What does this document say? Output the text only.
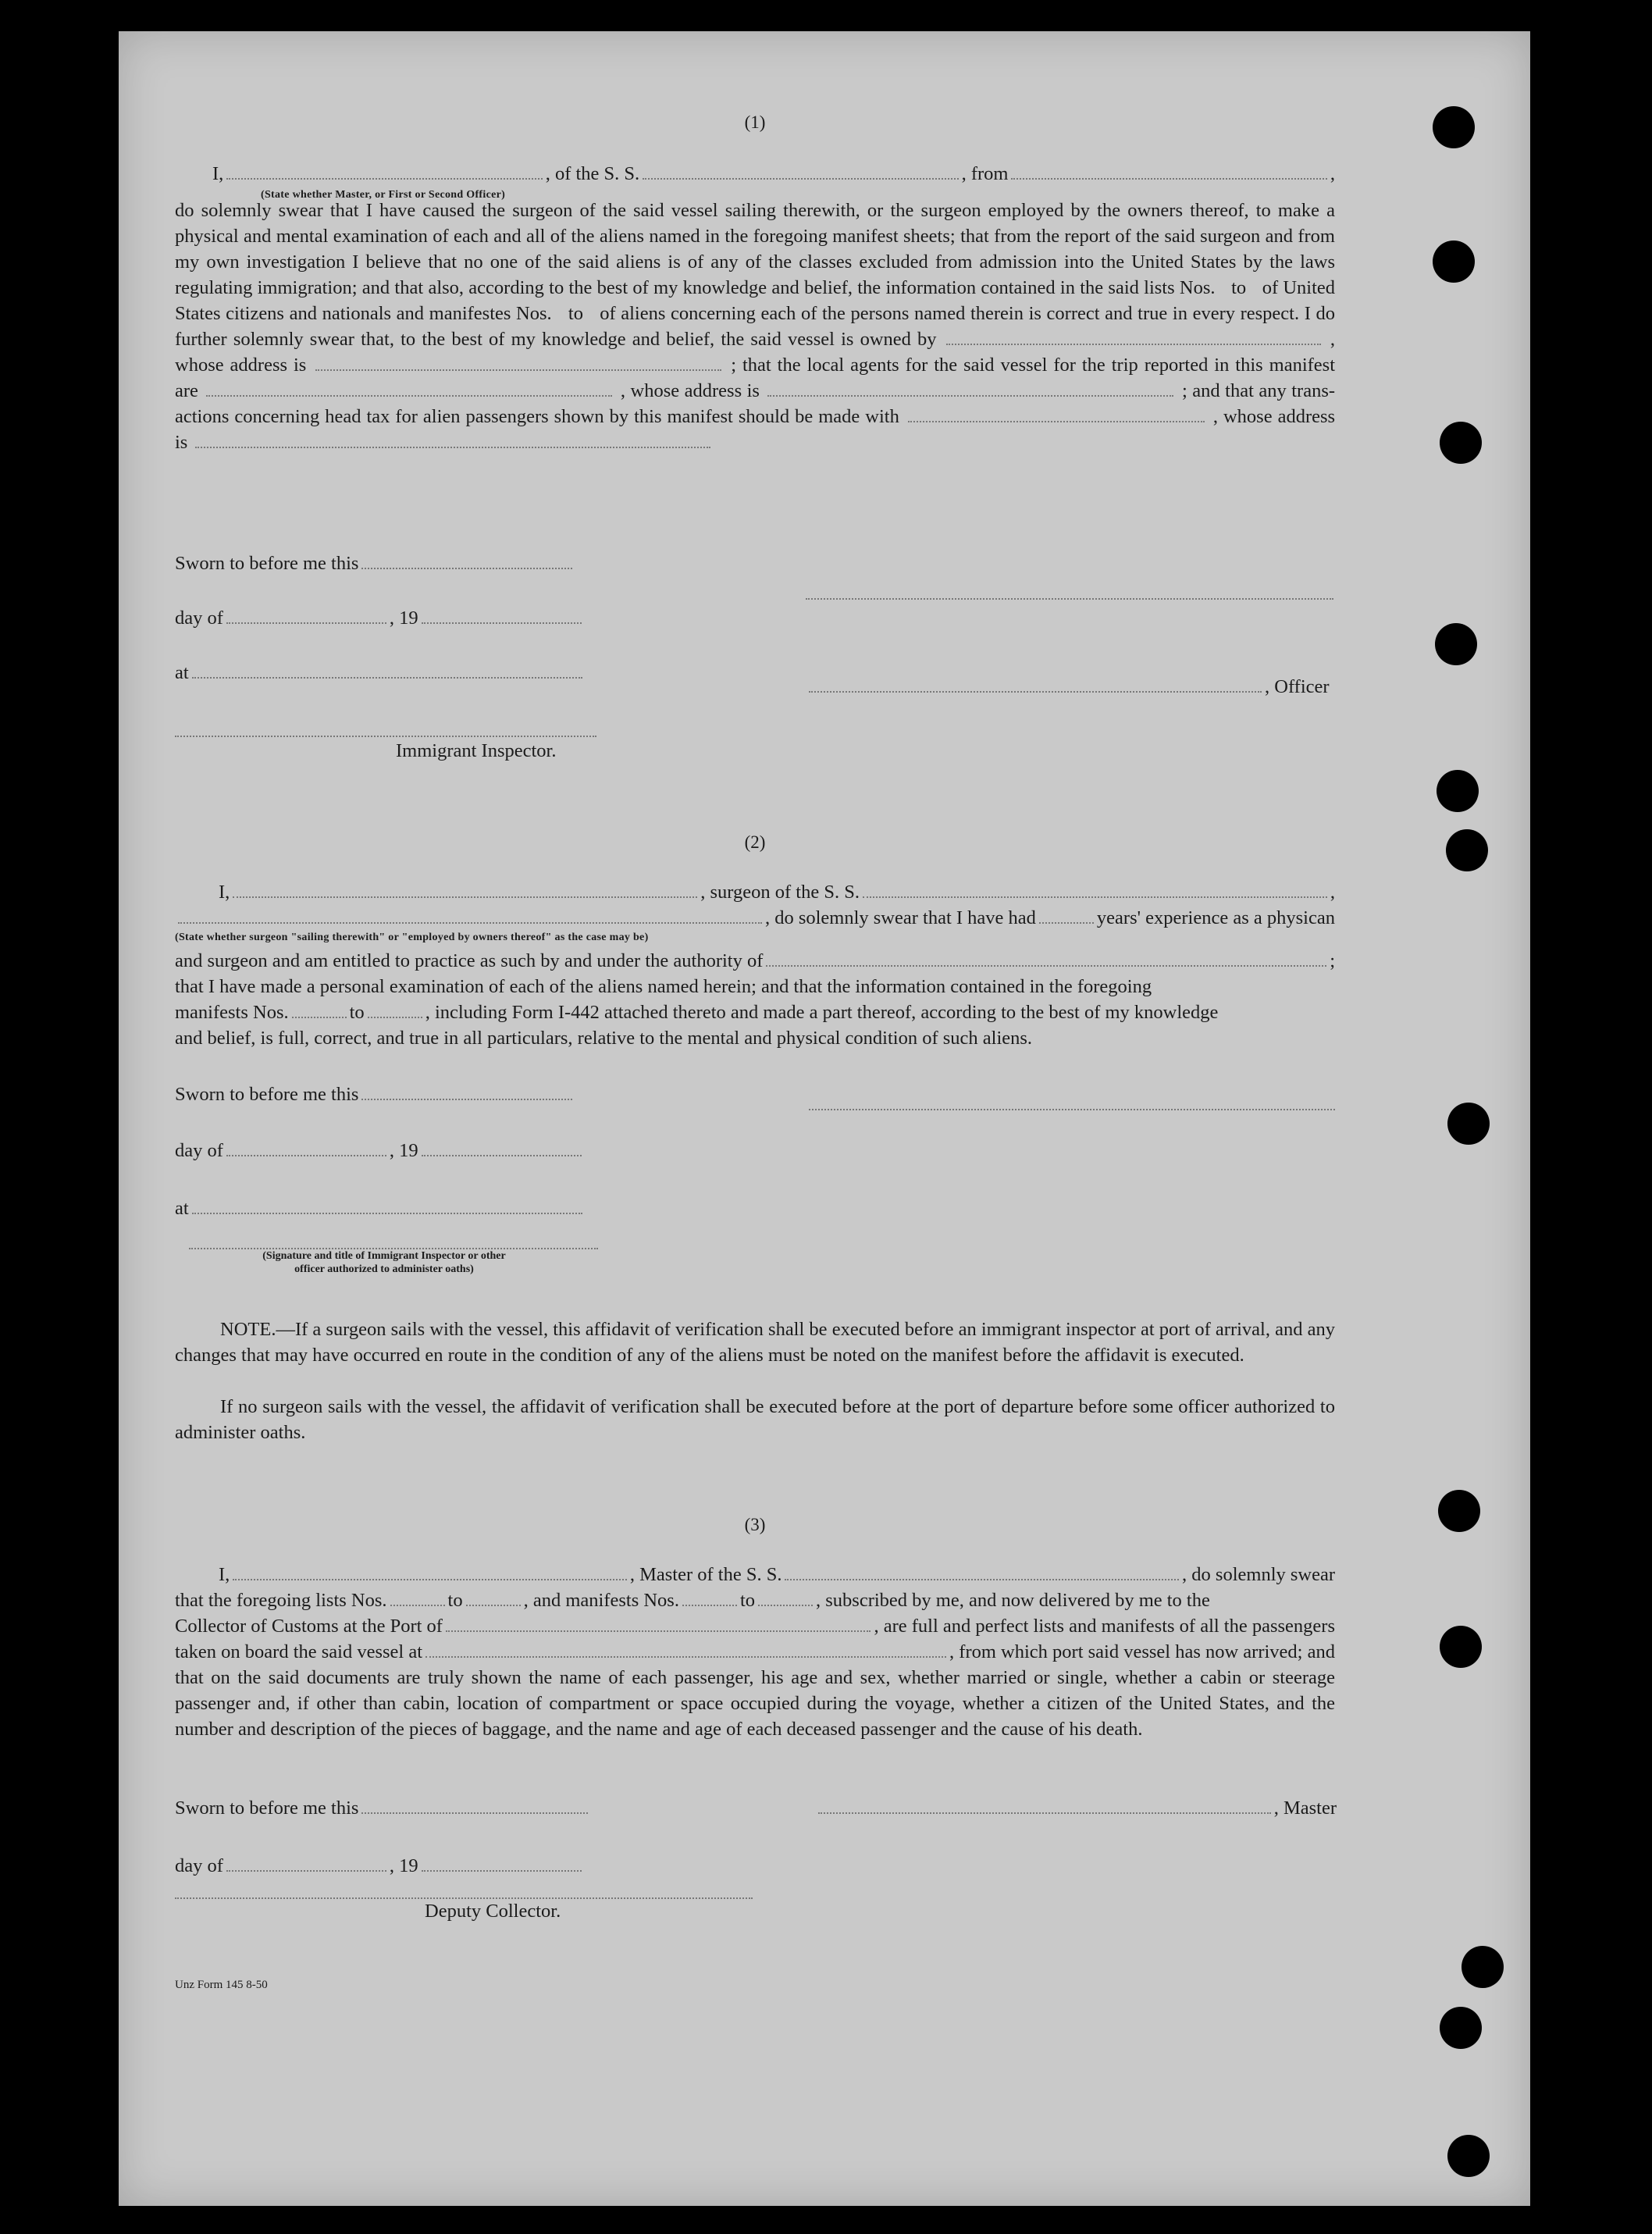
(1)
I,	, of the S. S.	, from	,
(State whether Master, or First or Second Officer)
do solemnly swear that I have caused the surgeon of the said vessel sailing therewith, or the surgeon employed by the owners thereof, to make a physical and mental examination of each and all of the aliens named in the foregoing manifest sheets; that from the report of the said surgeon and from my own investigation I believe that no one of the said aliens is of any of the classes excluded from admission into the United States by the laws regulating immigration; and that also, according to the best of my knowledge and belief, the information contained in the said lists Nos. to of United States citizens and nationals and manifestes Nos. to of aliens concerning each of the persons named therein is correct and true in every respect. I do further solemnly swear that, to the best of my knowledge and belief, the said vessel is owned by	, whose address is	; that the local agents for the said vessel for the trip reported in this manifest are	, whose address is	; and that any trans- actions concerning head tax for alien passengers shown by this manifest should be made with	, whose address is
Sworn to before me this
day of	, 19
at
, Officer
Immigrant Inspector.
(2)
I,	, surgeon of the S. S.	,
, do solemnly swear that I have had	years' experience as a physican
(State whether surgeon "sailing therewith" or "employed by owners thereof" as the case may be)
and surgeon and am entitled to practice as such by and under the authority of	;
that I have made a personal examination of each of the aliens named herein; and that the information contained in the foregoing
manifests Nos.	to	, including Form I-442 attached thereto and made a part thereof, according to the best of my knowledge
and belief, is full, correct, and true in all particulars, relative to the mental and physical condition of such aliens.
Sworn to before me this
day of	, 19
at
(Signature and title of Immigrant Inspector or other
officer authorized to administer oaths)
NOTE.—If a surgeon sails with the vessel, this affidavit of verification shall be executed before an immigrant inspector at port of arrival, and any changes that may have occurred en route in the condition of any of the aliens must be noted on the manifest before the affidavit is executed.
If no surgeon sails with the vessel, the affidavit of verification shall be executed before at the port of departure before some officer authorized to administer oaths.
(3)
I,	, Master of the S. S.	, do solemnly swear
that the foregoing lists Nos.	to	, and manifests Nos.	to	, subscribed by me, and now delivered by me to the
Collector of Customs at the Port of	, are full and perfect lists and manifests of all the passengers
taken on board the said vessel at	, from which port said vessel has now arrived; and
that on the said documents are truly shown the name of each passenger, his age and sex, whether married or single, whether a cabin or steerage passenger and, if other than cabin, location of compartment or space occupied during the voyage, whether a citizen of the United States, and the number and description of the pieces of baggage, and the name and age of each deceased passenger and the cause of his death.
Sworn to before me this	, Master
day of	, 19
Deputy Collector.
Unz Form 145 8-50
